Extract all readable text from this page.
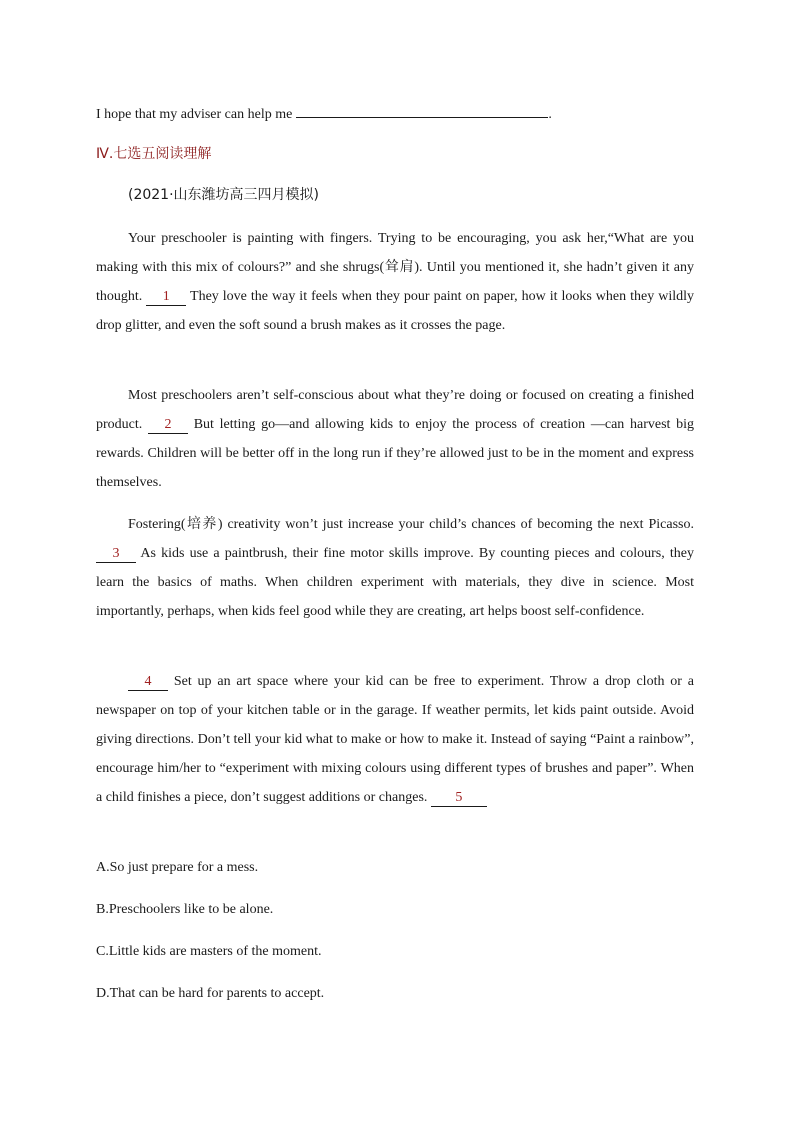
I hope that my adviser can help me	.
Ⅳ.七选五阅读理解
(2021·山东潍坊高三四月模拟)

Your preschooler is painting with fingers. Trying to be encouraging, you ask her,“What are you making with this mix of colours?” and she shrugs(耸肩). Until you mentioned it, she hadn’t given it any thought. 1 They love the way it feels when they pour paint on paper, how it looks when they wildly drop glitter, and even the soft sound a brush makes as it crosses the page.

Most preschoolers aren’t self-conscious about what they’re doing or focused on creating a finished product. 2 But letting go—and allowing kids to enjoy the process of creation —can harvest big rewards. Children will be better off in the long run if they’re allowed just to be in the moment and express themselves.

Fostering(培养) creativity won’t just increase your child’s chances of becoming the next Picasso. 3 As kids use a paintbrush, their fine motor skills improve. By counting pieces and colours, they learn the basics of maths. When children experiment with materials, they dive in science. Most importantly, perhaps, when kids feel good while they are creating, art helps boost self-confidence.

4 Set up an art space where your kid can be free to experiment. Throw a drop cloth or a newspaper on top of your kitchen table or in the garage. If weather permits, let kids paint outside. Avoid giving directions. Don’t tell your kid what to make or how to make it. Instead of saying “Paint a rainbow”, encourage him/her to “experiment with mixing colours using different types of brushes and paper”. When a child finishes a piece, don’t suggest additions or changes. 5

A.So just prepare for a mess.
B.Preschoolers like to be alone.
C.Little kids are masters of the moment.
D.That can be hard for parents to accept.
